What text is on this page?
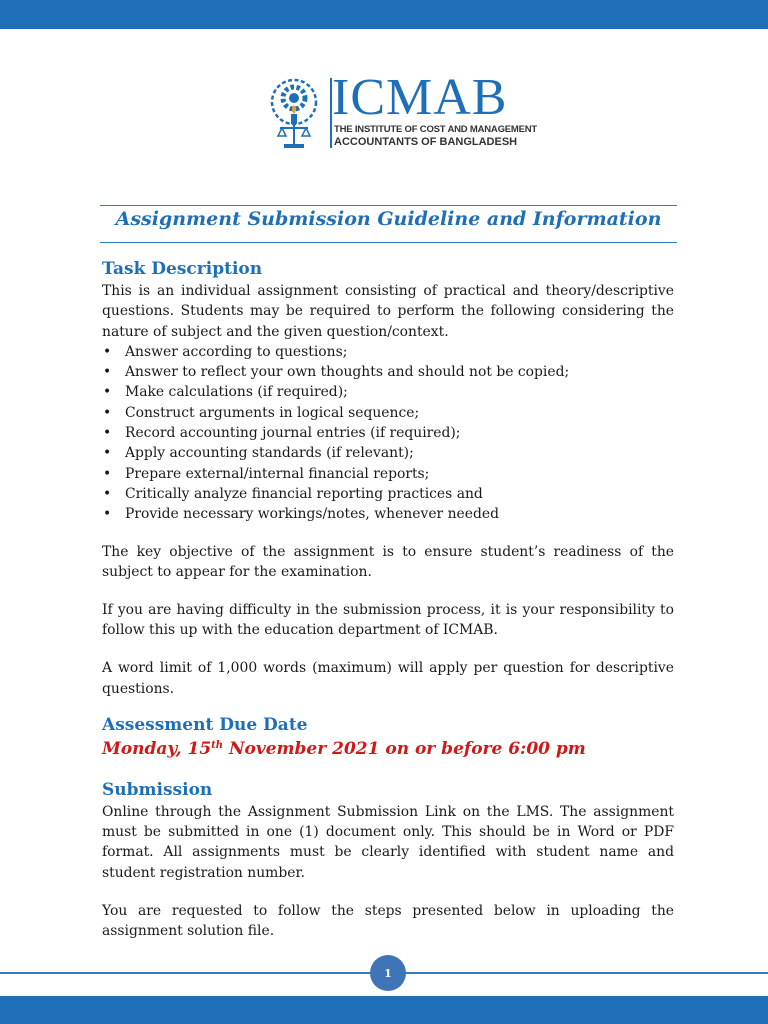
ICMAB
THE INSTITUTE OF COST AND MANAGEMENT
ACCOUNTANTS OF BANGLADESH
Assignment Submission Guideline and Information
Task Description

This is an individual assignment consisting of practical and theory/descriptive questions. Students may be required to perform the following considering the nature of subject and the given question/context.

• Answer according to questions;
• Answer to reflect your own thoughts and should not be copied;
• Make calculations (if required);
• Construct arguments in logical sequence;
• Record accounting journal entries (if required);
• Apply accounting standards (if relevant);
• Prepare external/internal financial reports;
• Critically analyze financial reporting practices and
• Provide necessary workings/notes, whenever needed

The key objective of the assignment is to ensure student’s readiness of the subject to appear for the examination.

If you are having difficulty in the submission process, it is your responsibility to follow this up with the education department of ICMAB.

A word limit of 1,000 words (maximum) will apply per question for descriptive questions.

Assessment Due Date
Monday, 15th November 2021 on or before 6:00 pm
Submission

Online through the Assignment Submission Link on the LMS. The assignment must be submitted in one (1) document only. This should be in Word or PDF format. All assignments must be clearly identified with student name and student registration number.

You are requested to follow the steps presented below in uploading the assignment solution file.

1
